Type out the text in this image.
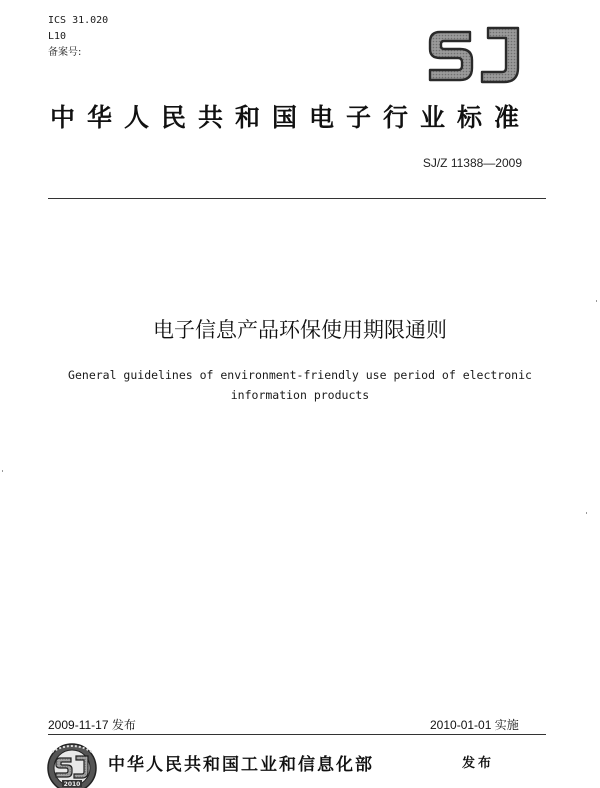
ICS 31.020
L10
备案号:
中华人民共和国电子行业标准
SJ/Z 11388—2009
电子信息产品环保使用期限通则
General guidelines of environment-friendly use period of electronic
information products
2009-11-17 发布	2010-01-01 实施
2010
中华人民共和国工业和信息化部	发布
